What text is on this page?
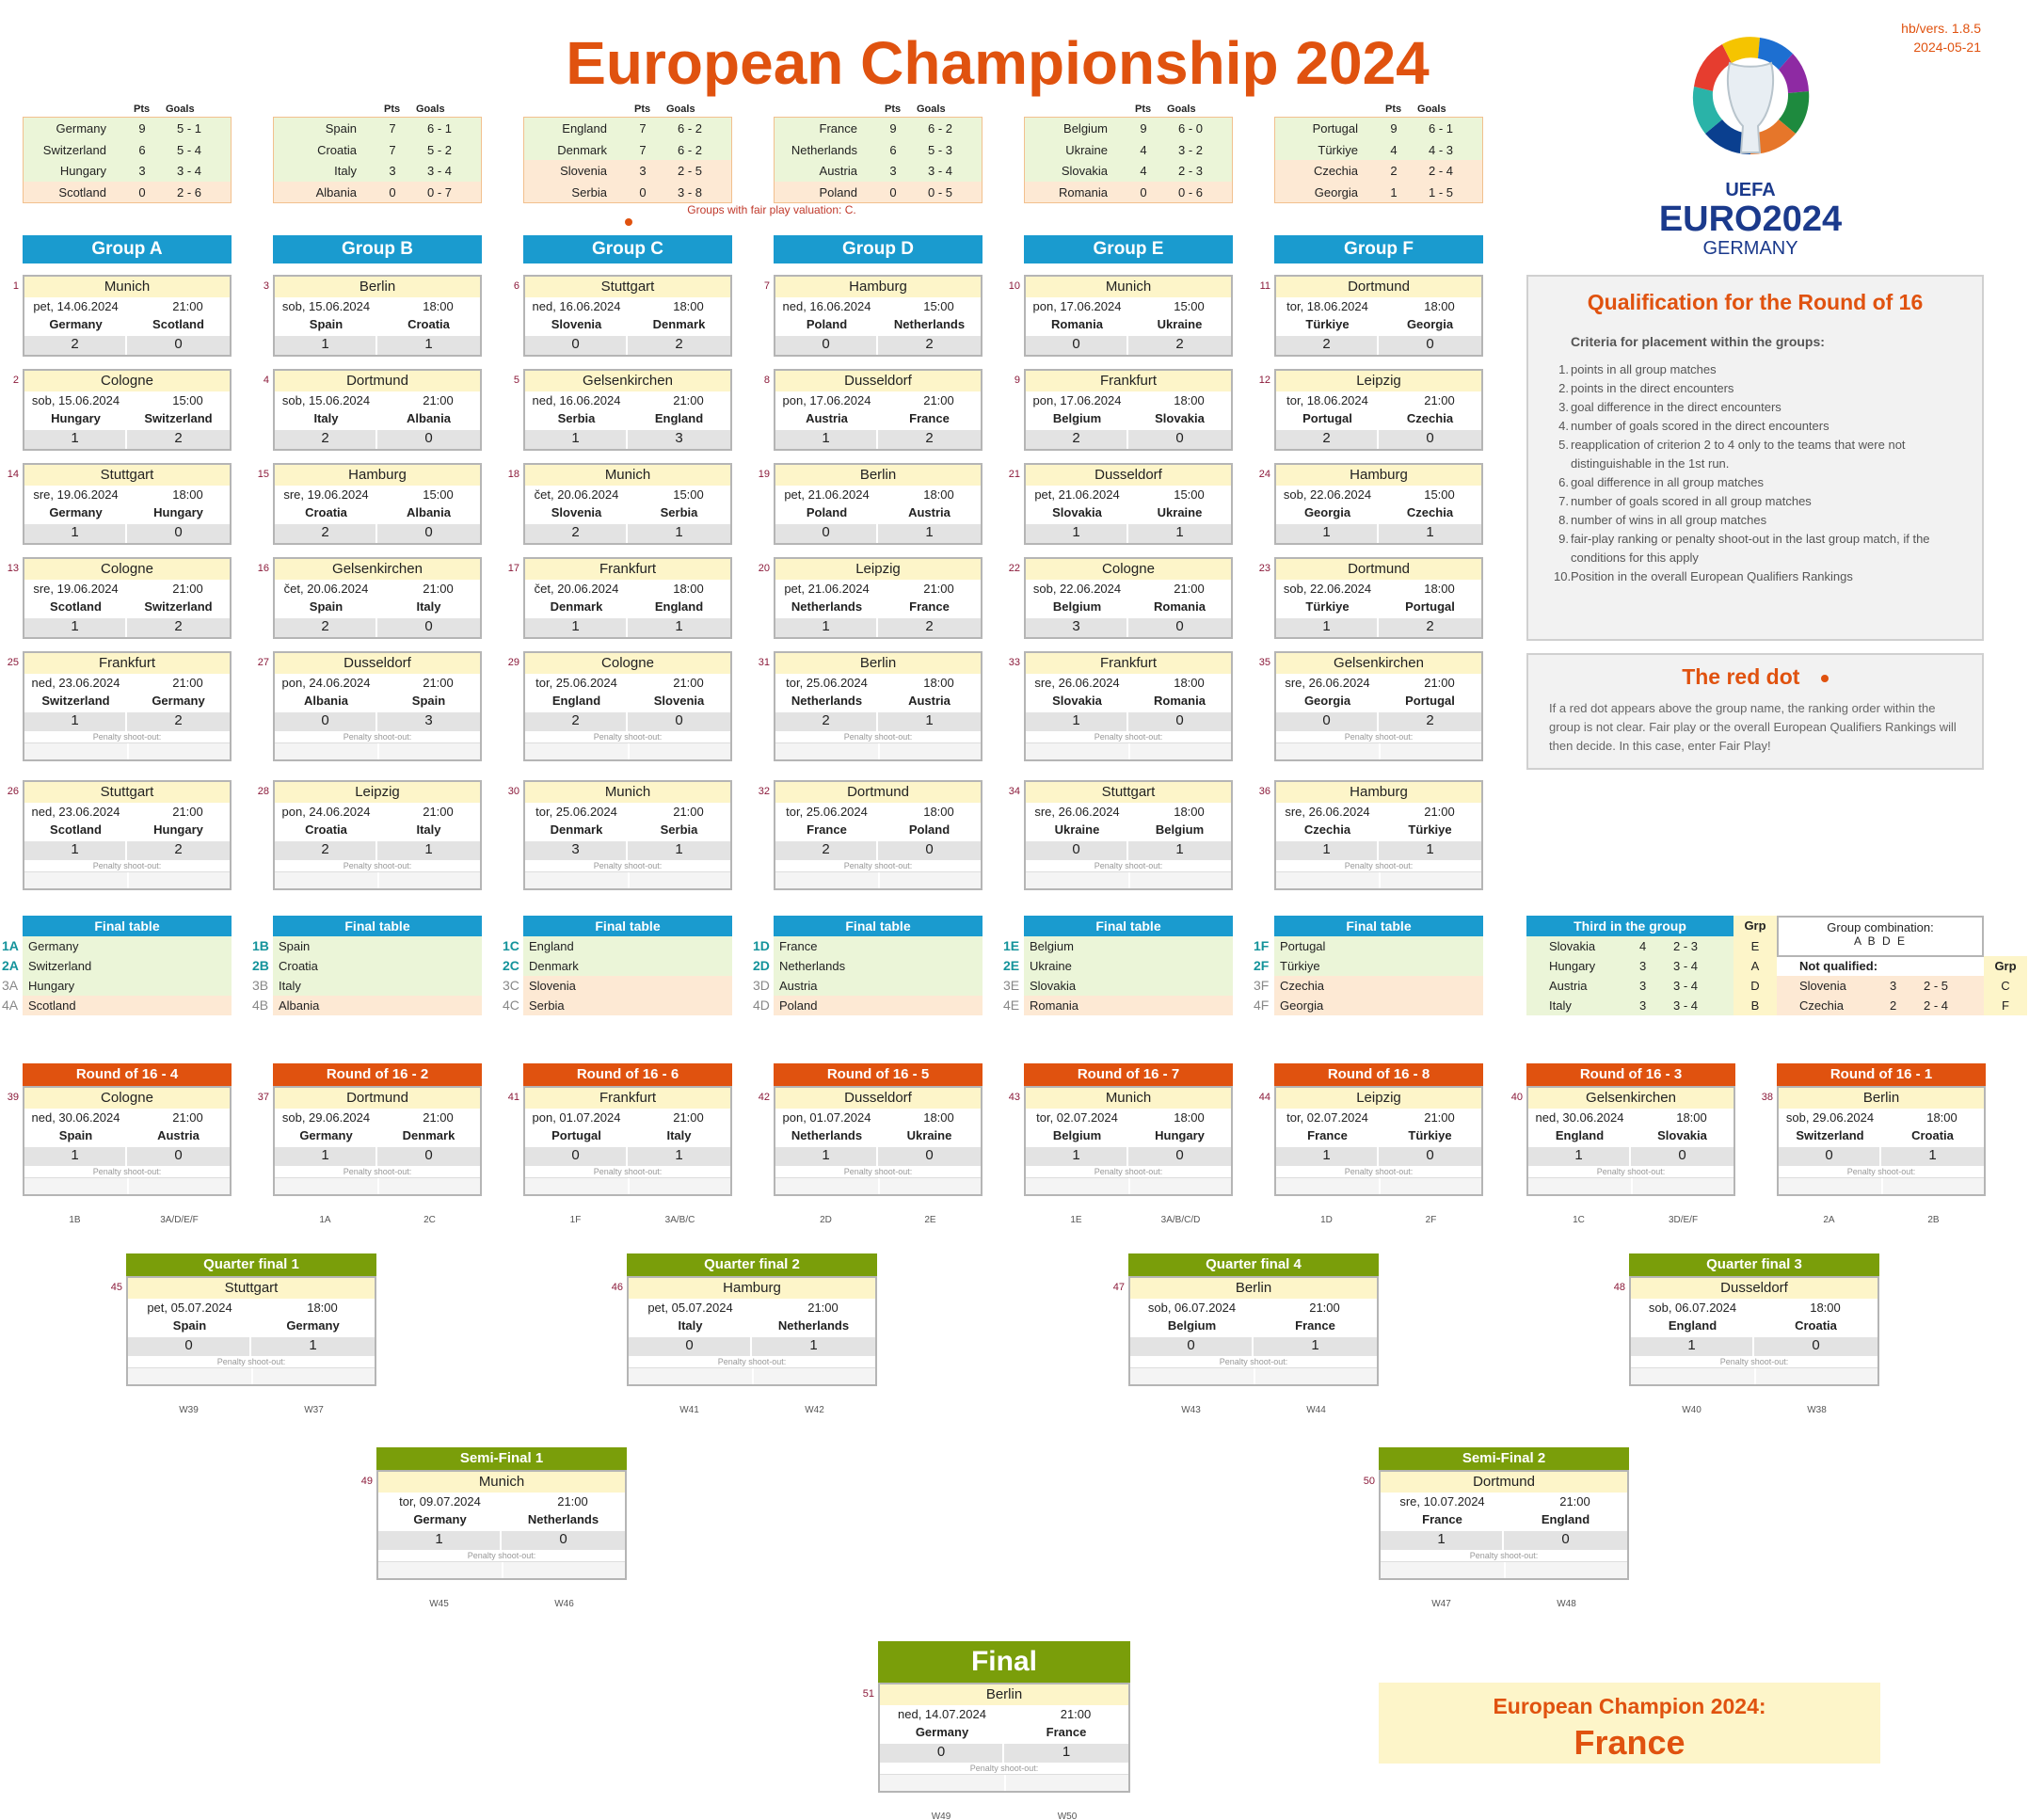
European Championship 2024
hb/vers. 1.8.5
2024-05-21
UEFA
EURO2024
GERMANY
Pts Goals
Germany	9	5 - 1
Switzerland	6	5 - 4
Hungary	3	3 - 4
Scotland	0	2 - 6
Pts Goals
Spain	7	6 - 1
Croatia	7	5 - 2
Italy	3	3 - 4
Albania	0	0 - 7
Pts Goals
England	7	6 - 2
Denmark	7	6 - 2
Slovenia	3	2 - 5
Serbia	0	3 - 8
Pts Goals
France	9	6 - 2
Netherlands	6	5 - 3
Austria	3	3 - 4
Poland	0	0 - 5
Pts Goals
Belgium	9	6 - 0
Ukraine	4	3 - 2
Slovakia	4	2 - 3
Romania	0	0 - 6
Pts Goals
Portugal	9	6 - 1
Türkiye	4	4 - 3
Czechia	2	2 - 4
Georgia	1	1 - 5
Groups with fair play valuation: C.
Group A
1	Munich
pet, 14.06.2024	21:00
Germany	Scotland
2	0
2	Cologne
sob, 15.06.2024	15:00
Hungary	Switzerland
1	2
14	Stuttgart
sre, 19.06.2024	18:00
Germany	Hungary
1	0
13	Cologne
sre, 19.06.2024	21:00
Scotland	Switzerland
1	2
25	Frankfurt
ned, 23.06.2024	21:00
Switzerland	Germany
1	2
Penalty shoot-out:
26	Stuttgart
ned, 23.06.2024	21:00
Scotland	Hungary
1	2
Penalty shoot-out:
Group B
3	Berlin
sob, 15.06.2024	18:00
Spain	Croatia
1	1
4	Dortmund
sob, 15.06.2024	21:00
Italy	Albania
2	0
15	Hamburg
sre, 19.06.2024	15:00
Croatia	Albania
2	0
16	Gelsenkirchen
čet, 20.06.2024	21:00
Spain	Italy
2	0
27	Dusseldorf
pon, 24.06.2024	21:00
Albania	Spain
0	3
Penalty shoot-out:
28	Leipzig
pon, 24.06.2024	21:00
Croatia	Italy
2	1
Penalty shoot-out:
Group C
6	Stuttgart
ned, 16.06.2024	18:00
Slovenia	Denmark
0	2
5	Gelsenkirchen
ned, 16.06.2024	21:00
Serbia	England
1	3
18	Munich
čet, 20.06.2024	15:00
Slovenia	Serbia
2	1
17	Frankfurt
čet, 20.06.2024	18:00
Denmark	England
1	1
29	Cologne
tor, 25.06.2024	21:00
England	Slovenia
2	0
Penalty shoot-out:
30	Munich
tor, 25.06.2024	21:00
Denmark	Serbia
3	1
Penalty shoot-out:
Group D
7	Hamburg
ned, 16.06.2024	15:00
Poland	Netherlands
0	2
8	Dusseldorf
pon, 17.06.2024	21:00
Austria	France
1	2
19	Berlin
pet, 21.06.2024	18:00
Poland	Austria
0	1
20	Leipzig
pet, 21.06.2024	21:00
Netherlands	France
1	2
31	Berlin
tor, 25.06.2024	18:00
Netherlands	Austria
2	1
Penalty shoot-out:
32	Dortmund
tor, 25.06.2024	18:00
France	Poland
2	0
Penalty shoot-out:
Group E
10	Munich
pon, 17.06.2024	15:00
Romania	Ukraine
0	2
9	Frankfurt
pon, 17.06.2024	18:00
Belgium	Slovakia
2	0
21	Dusseldorf
pet, 21.06.2024	15:00
Slovakia	Ukraine
1	1
22	Cologne
sob, 22.06.2024	21:00
Belgium	Romania
3	0
33	Frankfurt
sre, 26.06.2024	18:00
Slovakia	Romania
1	0
Penalty shoot-out:
34	Stuttgart
sre, 26.06.2024	18:00
Ukraine	Belgium
0	1
Penalty shoot-out:
Group F
11	Dortmund
tor, 18.06.2024	18:00
Türkiye	Georgia
2	0
12	Leipzig
tor, 18.06.2024	21:00
Portugal	Czechia
2	0
24	Hamburg
sob, 22.06.2024	15:00
Georgia	Czechia
1	1
23	Dortmund
sob, 22.06.2024	18:00
Türkiye	Portugal
1	2
35	Gelsenkirchen
sre, 26.06.2024	21:00
Georgia	Portugal
0	2
Penalty shoot-out:
36	Hamburg
sre, 26.06.2024	21:00
Czechia	Türkiye
1	1
Penalty shoot-out:
Final table
1A Germany
2A Switzerland
3A Hungary
4A Scotland
Final table
1B Spain
2B Croatia
3B Italy
4B Albania
Final table
1C England
2C Denmark
3C Slovenia
4C Serbia
Final table
1D France
2D Netherlands
3D Austria
4D Poland
Final table
1E Belgium
2E Ukraine
3E Slovakia
4E Romania
Final table
1F Portugal
2F Türkiye
3F Czechia
4F Georgia
Qualification for the Round of 16
Criteria for placement within the groups:
1. points in all group matches
2. points in the direct encounters
3. goal difference in the direct encounters
4. number of goals scored in the direct encounters
5. reapplication of criterion 2 to 4 only to the teams that were not distinguishable in the 1st run.
6. goal difference in all group matches
7. number of goals scored in all group matches
8. number of wins in all group matches
9. fair-play ranking or penalty shoot-out in the last group match, if the conditions for this apply
10. Position in the overall European Qualifiers Rankings
The red dot
If a red dot appears above the group name, the ranking order within the group is not clear. Fair play or the overall European Qualifiers Rankings will then decide. In this case, enter Fair Play!
Third in the group	Grp	Group combination:
A B D E
Slovakia	4 2 - 3	E
Hungary	3 3 - 4	A
Austria	3 3 - 4	D
Italy	3 3 - 4	B
Not qualified:	Grp
Slovenia	3 2 - 5	C
Czechia	2 2 - 4	F
Round of 16 - 4
39	Cologne
ned, 30.06.2024	21:00
Spain	Austria
1	0
Penalty shoot-out:
1B	3A/D/E/F
Round of 16 - 2
37	Dortmund
sob, 29.06.2024	21:00
Germany	Denmark
1	0
Penalty shoot-out:
1A	2C
Round of 16 - 6
41	Frankfurt
pon, 01.07.2024	21:00
Portugal	Italy
0	1
Penalty shoot-out:
1F	3A/B/C
Round of 16 - 5
42	Dusseldorf
pon, 01.07.2024	18:00
Netherlands	Ukraine
1	0
Penalty shoot-out:
2D	2E
Round of 16 - 7
43	Munich
tor, 02.07.2024	18:00
Belgium	Hungary
1	0
Penalty shoot-out:
1E	3A/B/C/D
Round of 16 - 8
44	Leipzig
tor, 02.07.2024	21:00
France	Türkiye
1	0
Penalty shoot-out:
1D	2F
Round of 16 - 3
40	Gelsenkirchen
ned, 30.06.2024	18:00
England	Slovakia
1	0
Penalty shoot-out:
1C	3D/E/F
Round of 16 - 1
38	Berlin
sob, 29.06.2024	18:00
Switzerland	Croatia
0	1
Penalty shoot-out:
2A	2B
Quarter final 1
45	Stuttgart
pet, 05.07.2024	18:00
Spain	Germany
0	1
Penalty shoot-out:
W39	W37
Quarter final 2
46	Hamburg
pet, 05.07.2024	21:00
Italy	Netherlands
0	1
Penalty shoot-out:
W41	W42
Quarter final 4
47	Berlin
sob, 06.07.2024	21:00
Belgium	France
0	1
Penalty shoot-out:
W43	W44
Quarter final 3
48	Dusseldorf
sob, 06.07.2024	18:00
England	Croatia
1	0
Penalty shoot-out:
W40	W38
Semi-Final 1
49	Munich
tor, 09.07.2024	21:00
Germany	Netherlands
1	0
Penalty shoot-out:
W45	W46
Semi-Final 2
50	Dortmund
sre, 10.07.2024	21:00
France	England
1	0
Penalty shoot-out:
W47	W48
Final
51	Berlin
ned, 14.07.2024	21:00
Germany	France
0	1
Penalty shoot-out:
W49	W50
European Champion 2024:
France
